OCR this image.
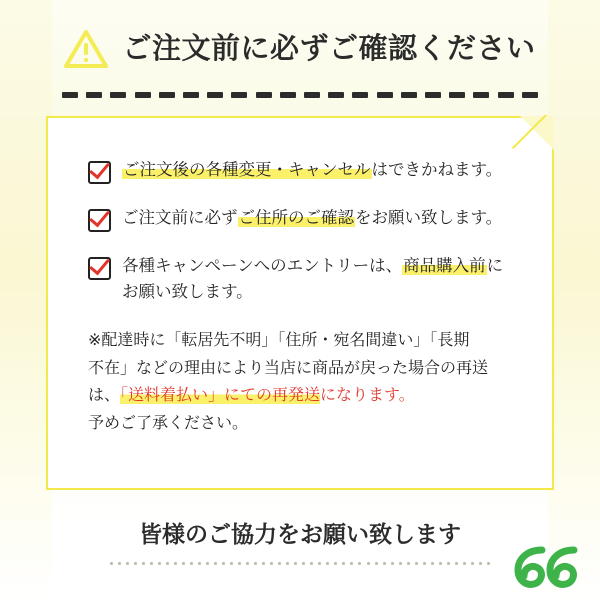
ご注文前に必ずご確認ください
ご注文後の各種変更・キャンセルはできかねます。
ご注文前に必ずご住所のご確認をお願い致します。
各種キャンペーンへのエントリーは、商品購入前に
お願い致します。
※配達時に「転居先不明」「住所・宛名間違い」「長期
不在」などの理由により当店に商品が戻った場合の再送
は、「送料着払い」にての再発送になります。
予めご了承ください。
皆様のご協力をお願い致します
